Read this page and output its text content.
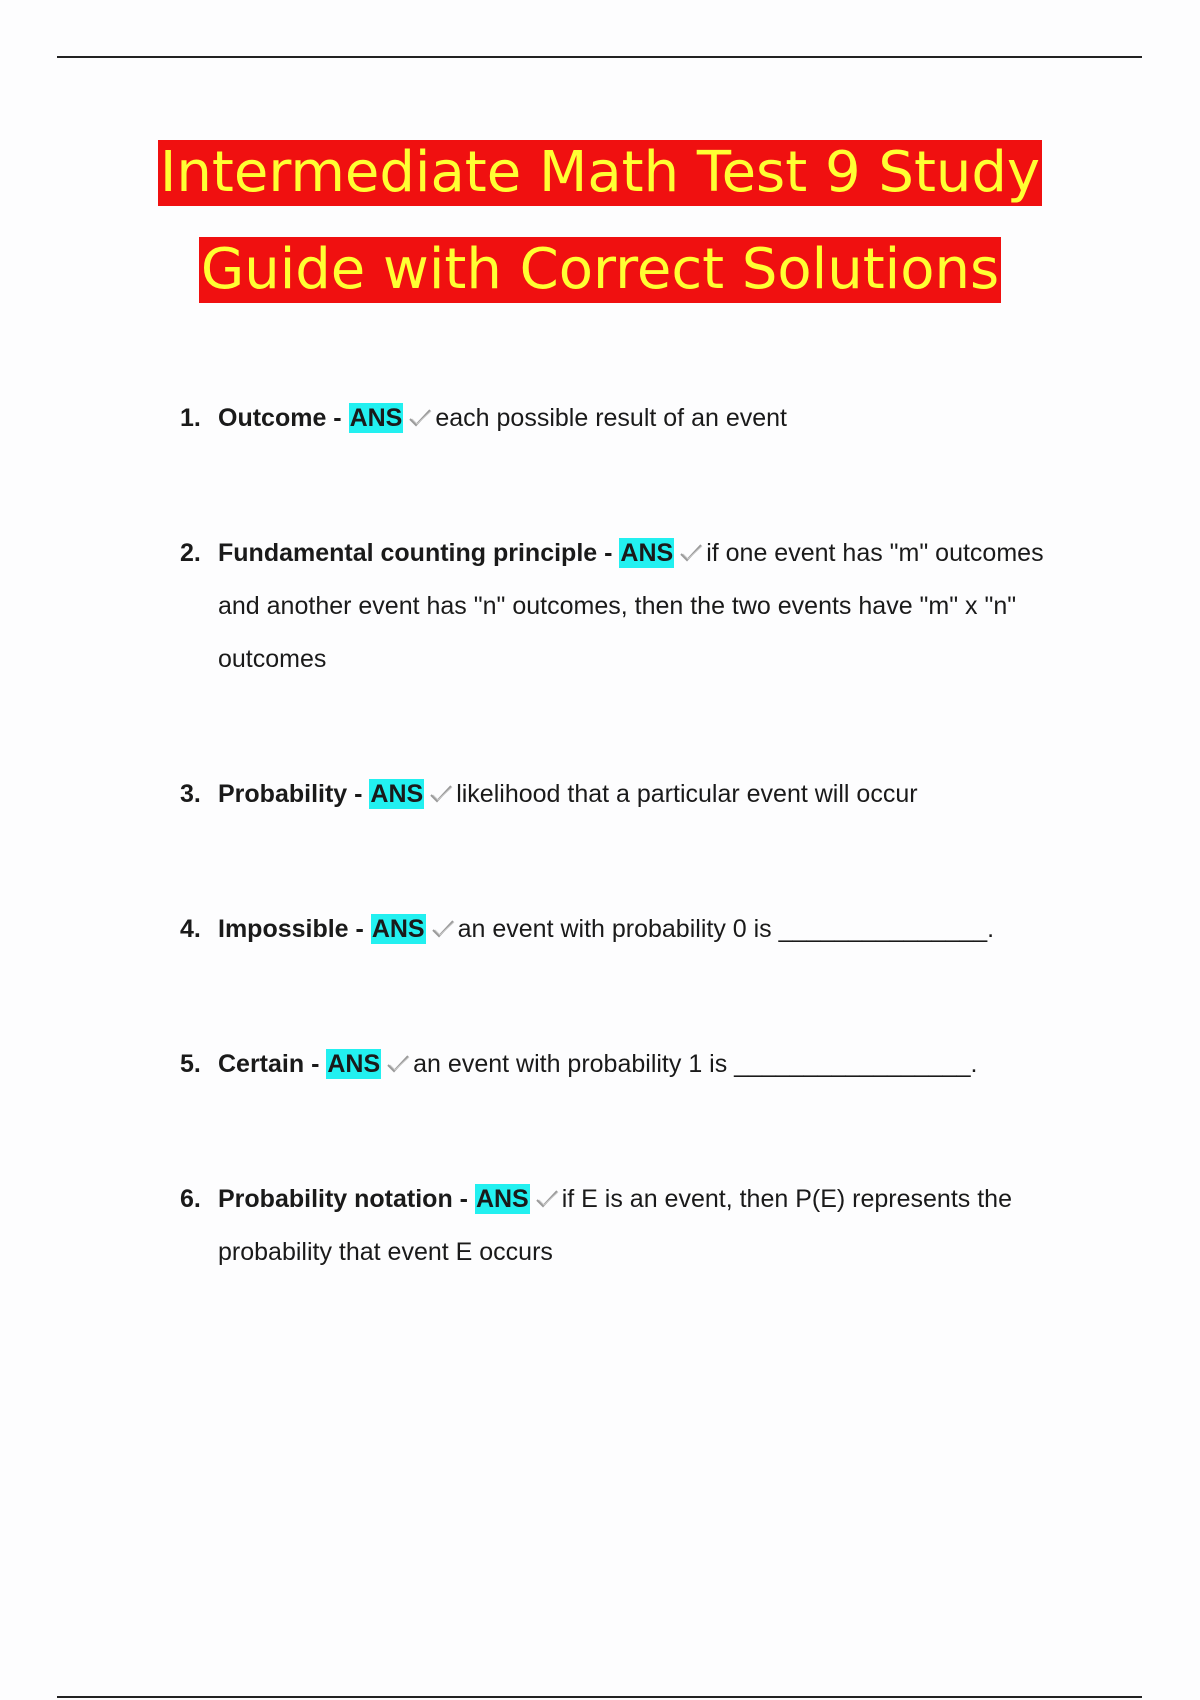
Intermediate Math Test 9 Study
Guide with Correct Solutions
1. Outcome - ANS each possible result of an event
2. Fundamental counting principle - ANS if one event has "m" outcomes and another event has "n" outcomes, then the two events have "m" x "n" outcomes
3. Probability - ANS likelihood that a particular event will occur
4. Impossible - ANS an event with probability 0 is _______________.
5. Certain - ANS an event with probability 1 is _________________.
6. Probability notation - ANS if E is an event, then P(E) represents the probability that event E occurs
